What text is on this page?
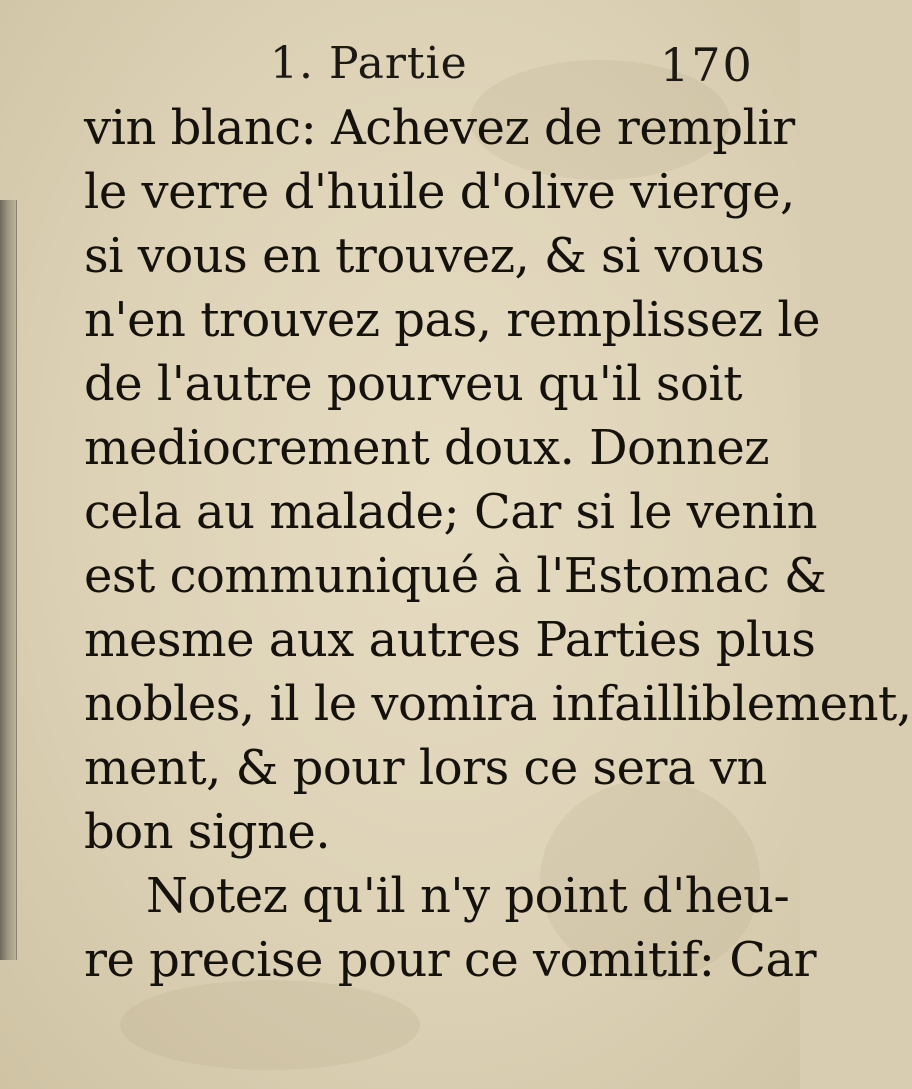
1. Partie	170
vin blanc: Achevez de remplir
le verre d'huile d'olive vierge,
si vous en trouvez, & si vous
n'en trouvez pas, remplissez le
de l'autre pourveu qu'il soit
mediocrement doux. Donnez
cela au malade; Car si le venin
est communiqué à l'Estomac &
mesme aux autres Parties plus
nobles, il le vomira infailliblement,
ment, & pour lors ce sera vn
bon signe.
Notez qu'il n'y point d'heu-
re precise pour ce vomitif: Car
